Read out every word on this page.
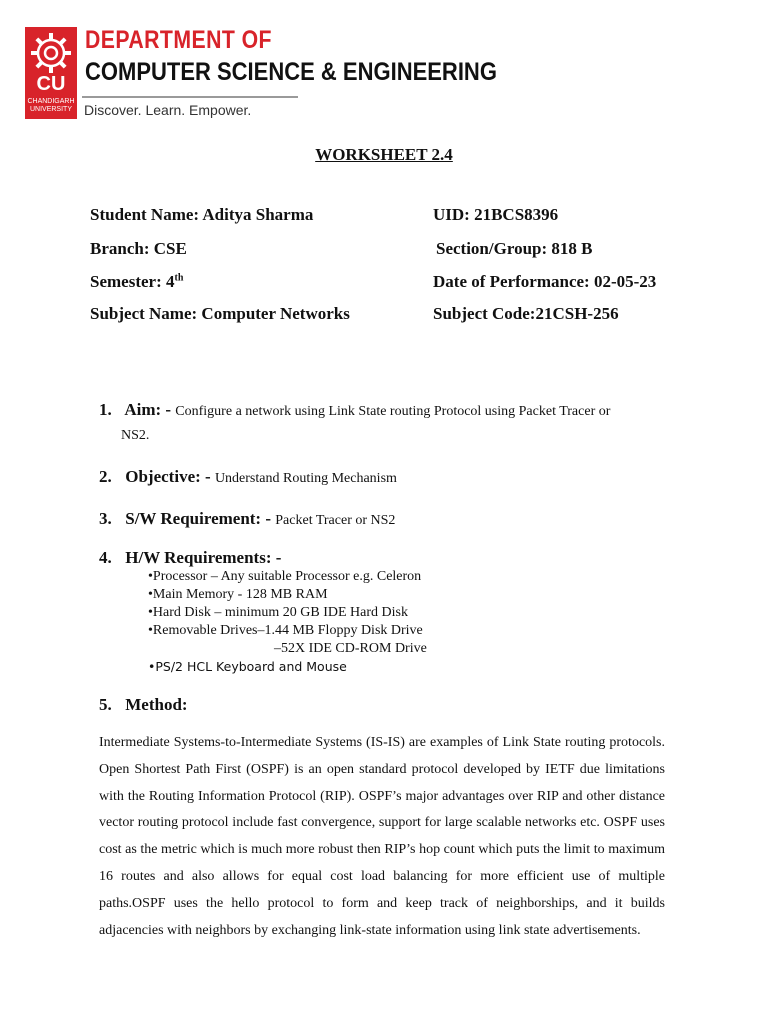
CU
CHANDIGARH UNIVERSITY
DEPARTMENT OF
COMPUTER SCIENCE & ENGINEERING
Discover. Learn. Empower.
WORKSHEET 2.4
Student Name: Aditya Sharma	UID: 21BCS8396
Branch: CSE	Section/Group: 818 B
Semester: 4th	Date of Performance: 02-05-23
Subject Name: Computer Networks	Subject Code:21CSH-256
1. Aim: - Configure a network using Link State routing Protocol using Packet Tracer or
NS2.
2. Objective: - Understand Routing Mechanism
3. S/W Requirement: - Packet Tracer or NS2
4. H/W Requirements: -
•Processor – Any suitable Processor e.g. Celeron
•Main Memory - 128 MB RAM
•Hard Disk – minimum 20 GB IDE Hard Disk
•Removable Drives–1.44 MB Floppy Disk Drive
–52X IDE CD-ROM Drive
•PS/2 HCL Keyboard and Mouse
5. Method:
Intermediate Systems-to-Intermediate Systems (IS-IS) are examples of Link State routing protocols. Open Shortest Path First (OSPF) is an open standard protocol developed by IETF due limitations with the Routing Information Protocol (RIP). OSPF’s major advantages over RIP and other distance vector routing protocol include fast convergence, support for large scalable networks etc. OSPF uses cost as the metric which is much more robust then RIP’s hop count which puts the limit to maximum 16 routes and also allows for equal cost load balancing for more efficient use of multiple paths.OSPF uses the hello protocol to form and keep track of neighborships, and it builds adjacencies with neighbors by exchanging link-state information using link state advertisements.
